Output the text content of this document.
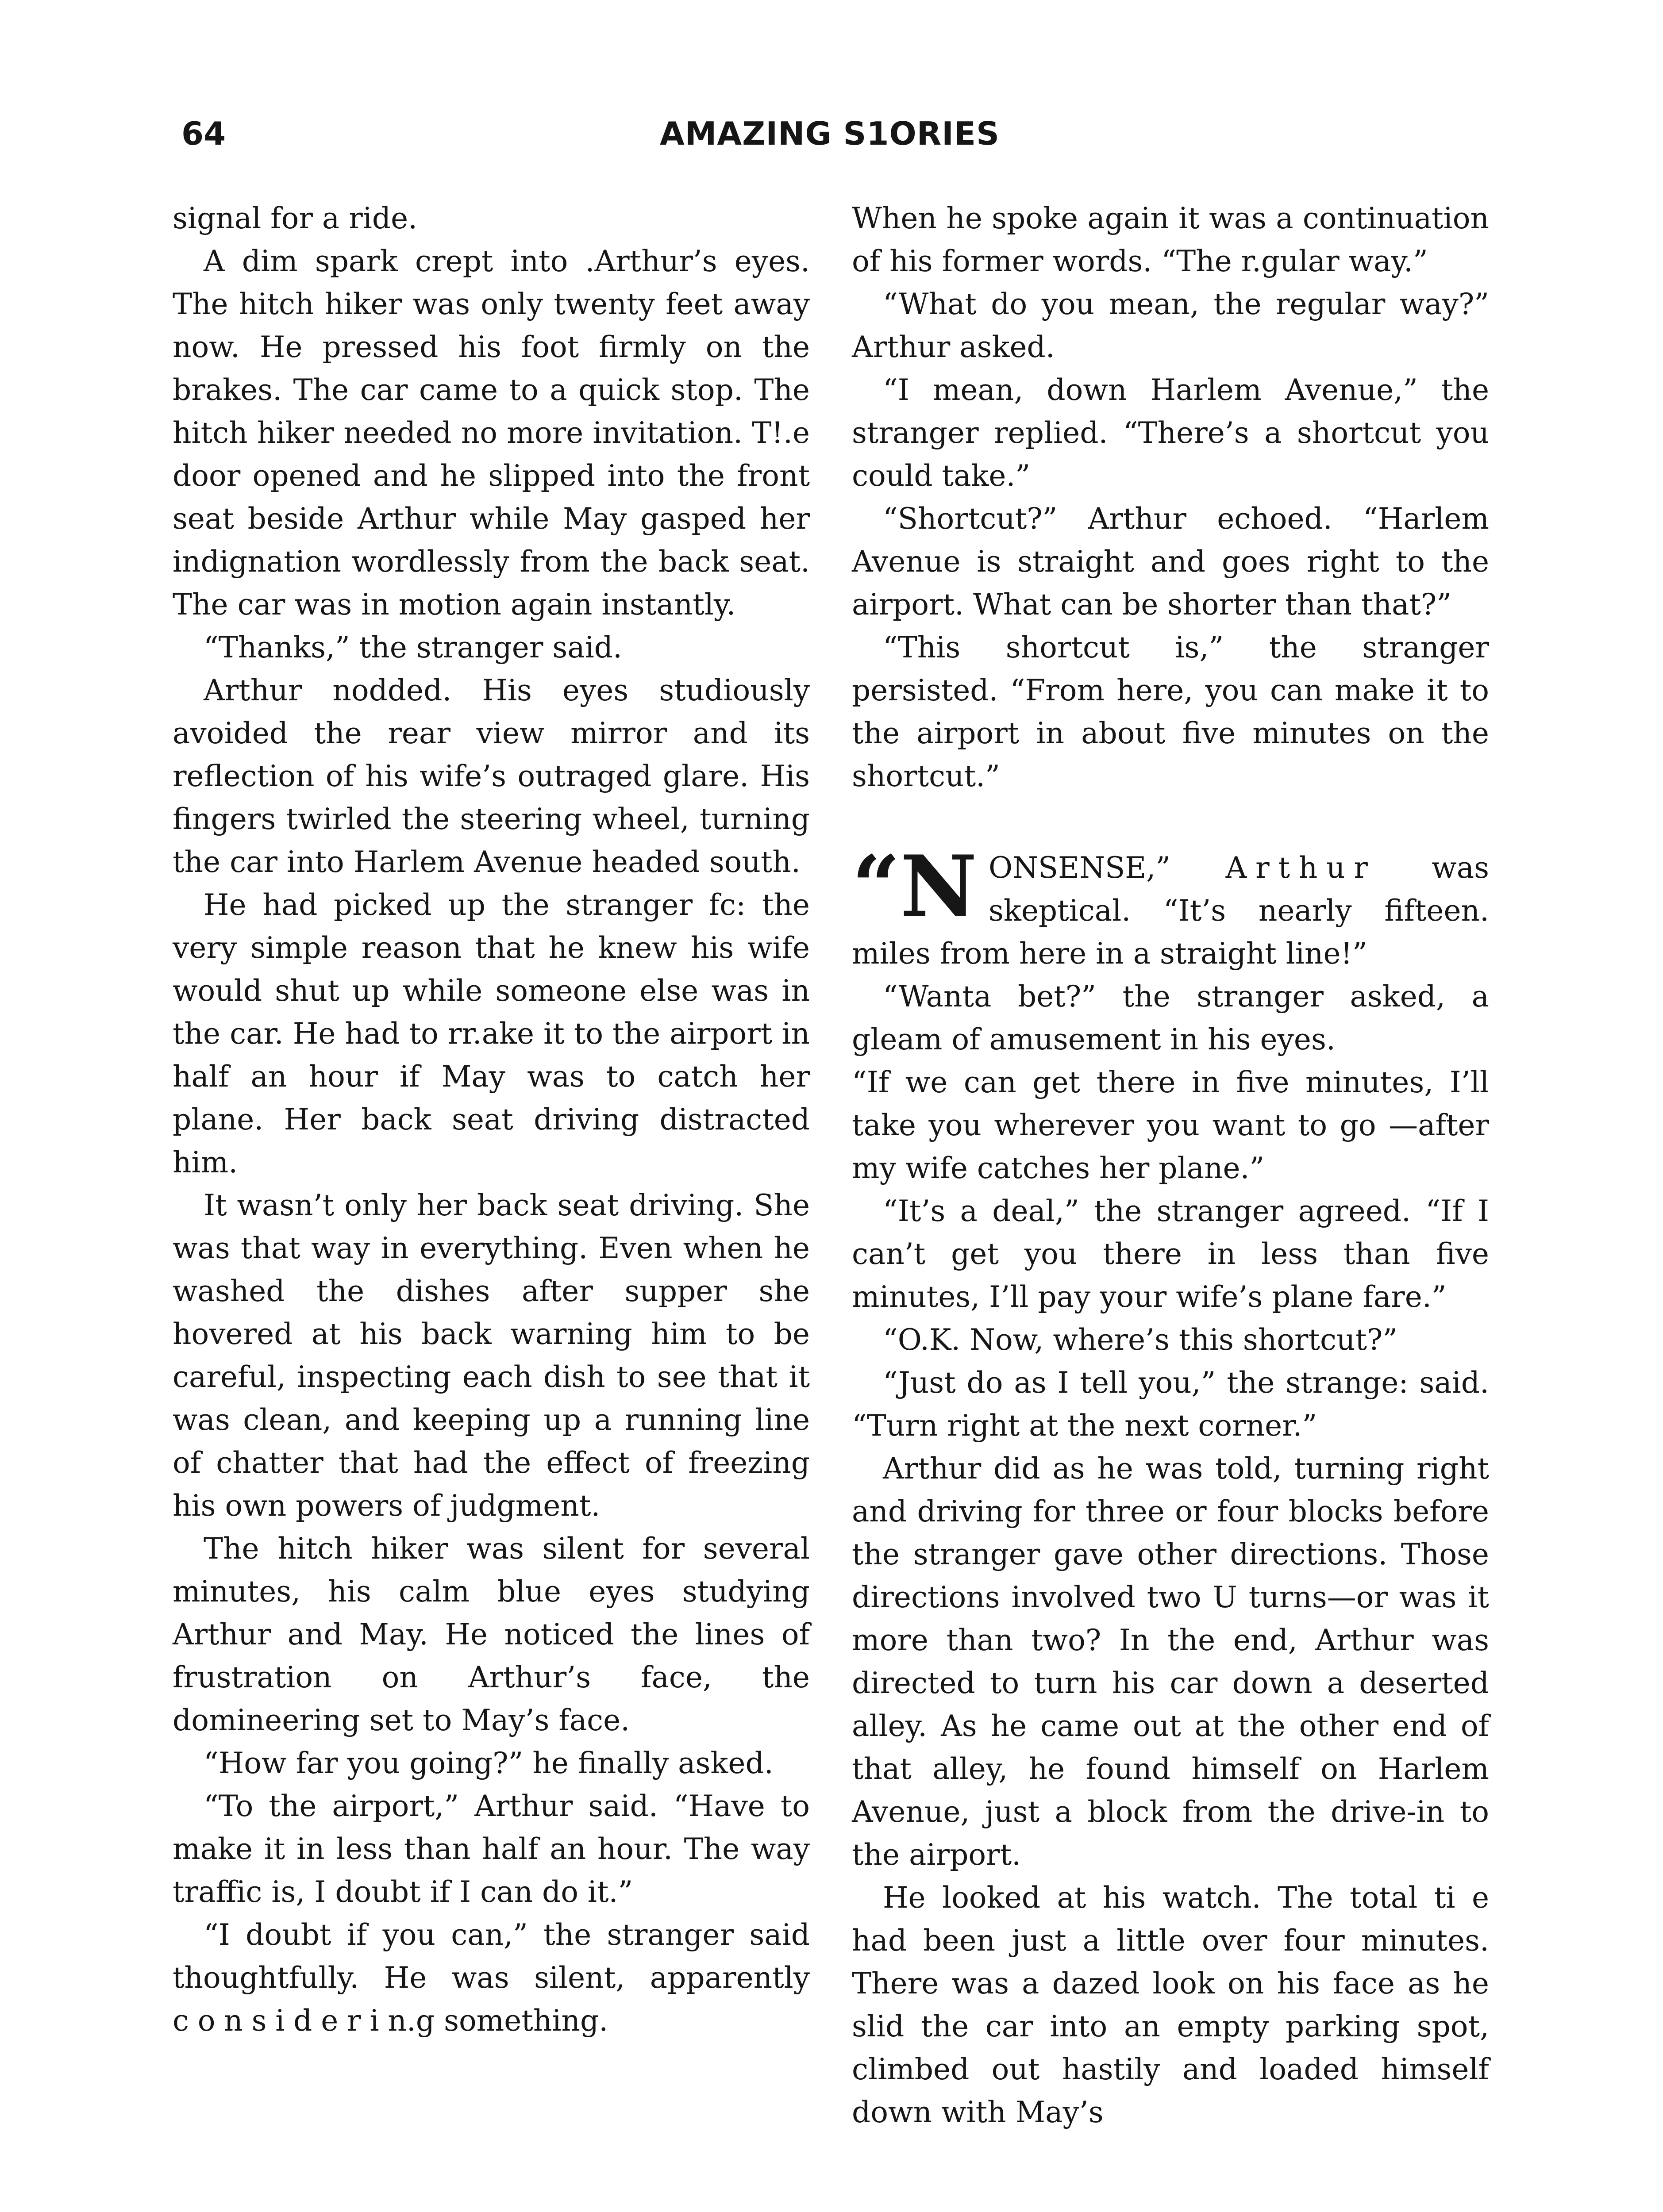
64	AMAZING S1ORIES

signal for a ride.

A dim spark crept into .Arthur’s eyes. The hitch hiker was only twenty feet away now. He pressed his foot firmly on the brakes. The car came to a quick stop. The hitch hiker needed no more invitation. T!.e door opened and he slipped into the front seat beside Arthur while May gasped her indignation wordlessly from the back seat. The car was in motion again instantly.

“Thanks,” the stranger said.

Arthur nodded. His eyes studiously avoided the rear view mirror and its reflection of his wife’s outraged glare. His fingers twirled the steering wheel, turning the car into Harlem Avenue headed south.

He had picked up the stranger fc: the very simple reason that he knew his wife would shut up while someone else was in the car. He had to rr.ake it to the airport in half an hour if May was to catch her plane. Her back seat driving distracted him.

It wasn’t only her back seat driving. She was that way in everything. Even when he washed the dishes after supper she hovered at his back warning him to be careful, inspecting each dish to see that it was clean, and keeping up a running line of chatter that had the effect of freezing his own powers of judgment.

The hitch hiker was silent for several minutes, his calm blue eyes studying Arthur and May. He noticed the lines of frustration on Arthur’s face, the domineering set to May’s face.

“How far you going?” he finally asked.

“To the airport,” Arthur said. “Have to make it in less than half an hour. The way traffic is, I doubt if I can do it.”

“I doubt if you can,” the stranger said thoughtfully. He was silent, apparently considerin.g something.

When he spoke again it was a continuation of his former words. “The r.gular way.”

“What do you mean, the regular way?” Arthur asked.

“I mean, down Harlem Avenue,” the stranger replied. “There’s a shortcut you could take.”

“Shortcut?” Arthur echoed. “Harlem Avenue is straight and goes right to the airport. What can be shorter than that?”

“This shortcut is,” the stranger persisted. “From here, you can make it to the airport in about five minutes on the shortcut.”

“N ONSENSE,” Arthur was skeptical. “It’s nearly fifteen. miles from here in a straight line!”

“Wanta bet?” the stranger asked, a gleam of amusement in his eyes.

“If we can get there in five minutes, I’ll take you wherever you want to go —after my wife catches her plane.”

“It’s a deal,” the stranger agreed. “If I can’t get you there in less than five minutes, I’ll pay your wife’s plane fare.”

“O.K. Now, where’s this shortcut?”

“Just do as I tell you,” the strange: said. “Turn right at the next corner.”

Arthur did as he was told, turning right and driving for three or four blocks before the stranger gave other directions. Those directions involved two U turns—or was it more than two? In the end, Arthur was directed to turn his car down a deserted alley. As he came out at the other end of that alley, he found himself on Harlem Avenue, just a block from the drive-in to the airport.

He looked at his watch. The total ti e had been just a little over four minutes. There was a dazed look on his face as he slid the car into an empty parking spot, climbed out hastily and loaded himself down with May’s
